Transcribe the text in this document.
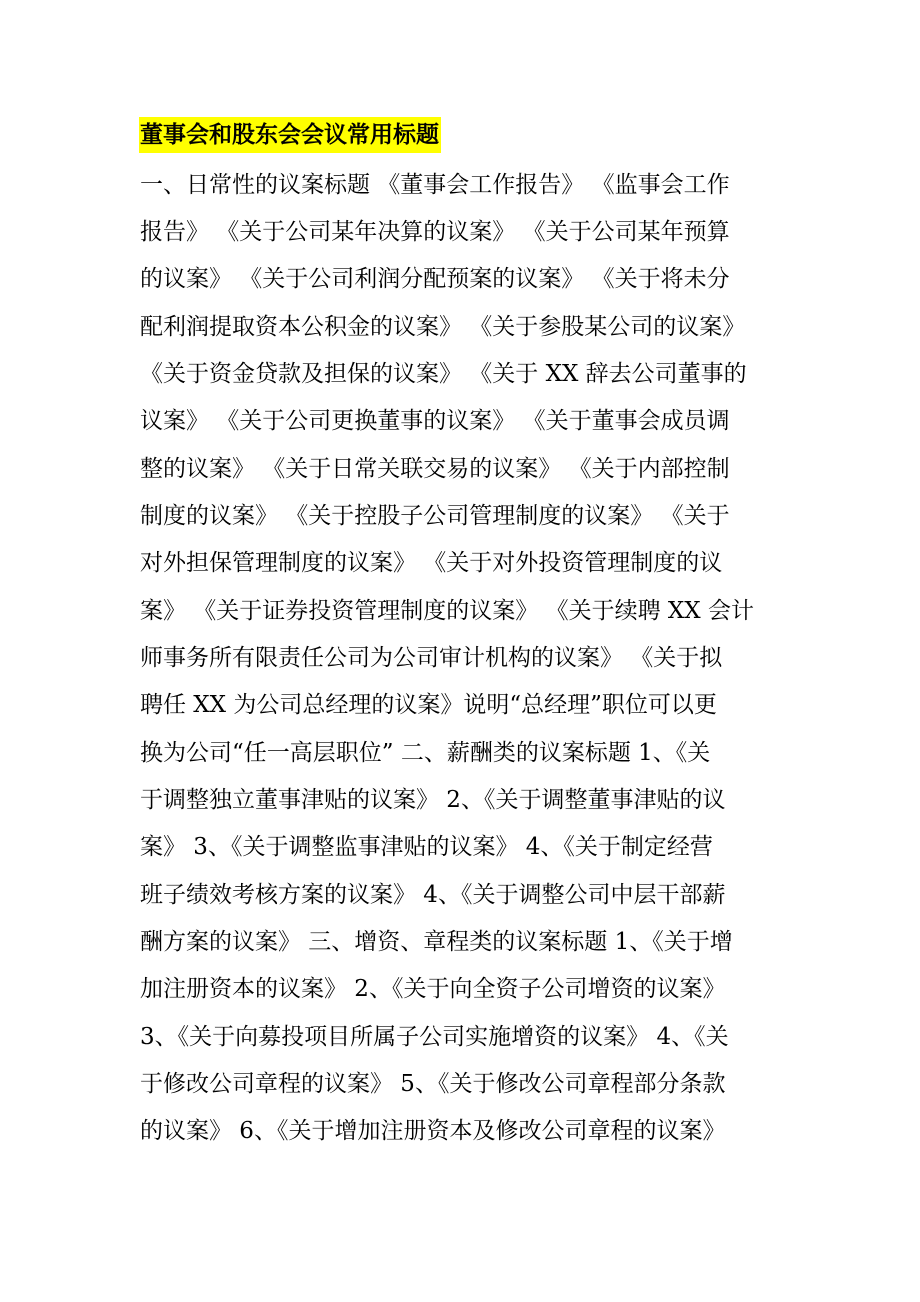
董事会和股东会会议常用标题
一、日常性的议案标题 《董事会工作报告》 《监事会工作
报告》 《关于公司某年决算的议案》 《关于公司某年预算
的议案》 《关于公司利润分配预案的议案》 《关于将未分
配利润提取资本公积金的议案》 《关于参股某公司的议案》
《关于资金贷款及担保的议案》 《关于 XX 辞去公司董事的
议案》 《关于公司更换董事的议案》 《关于董事会成员调
整的议案》 《关于日常关联交易的议案》 《关于内部控制
制度的议案》 《关于控股子公司管理制度的议案》 《关于
对外担保管理制度的议案》 《关于对外投资管理制度的议
案》 《关于证券投资管理制度的议案》 《关于续聘 XX 会计
师事务所有限责任公司为公司审计机构的议案》 《关于拟
聘任 XX 为公司总经理的议案》说明“总经理”职位可以更
换为公司“任一高层职位” 二、薪酬类的议案标题 1、《关
于调整独立董事津贴的议案》 2、《关于调整董事津贴的议
案》 3、《关于调整监事津贴的议案》 4、《关于制定经营
班子绩效考核方案的议案》 4、《关于调整公司中层干部薪
酬方案的议案》 三、增资、章程类的议案标题 1、《关于增
加注册资本的议案》 2、《关于向全资子公司增资的议案》
3、《关于向募投项目所属子公司实施增资的议案》 4、《关
于修改公司章程的议案》 5、《关于修改公司章程部分条款
的议案》 6、《关于增加注册资本及修改公司章程的议案》
